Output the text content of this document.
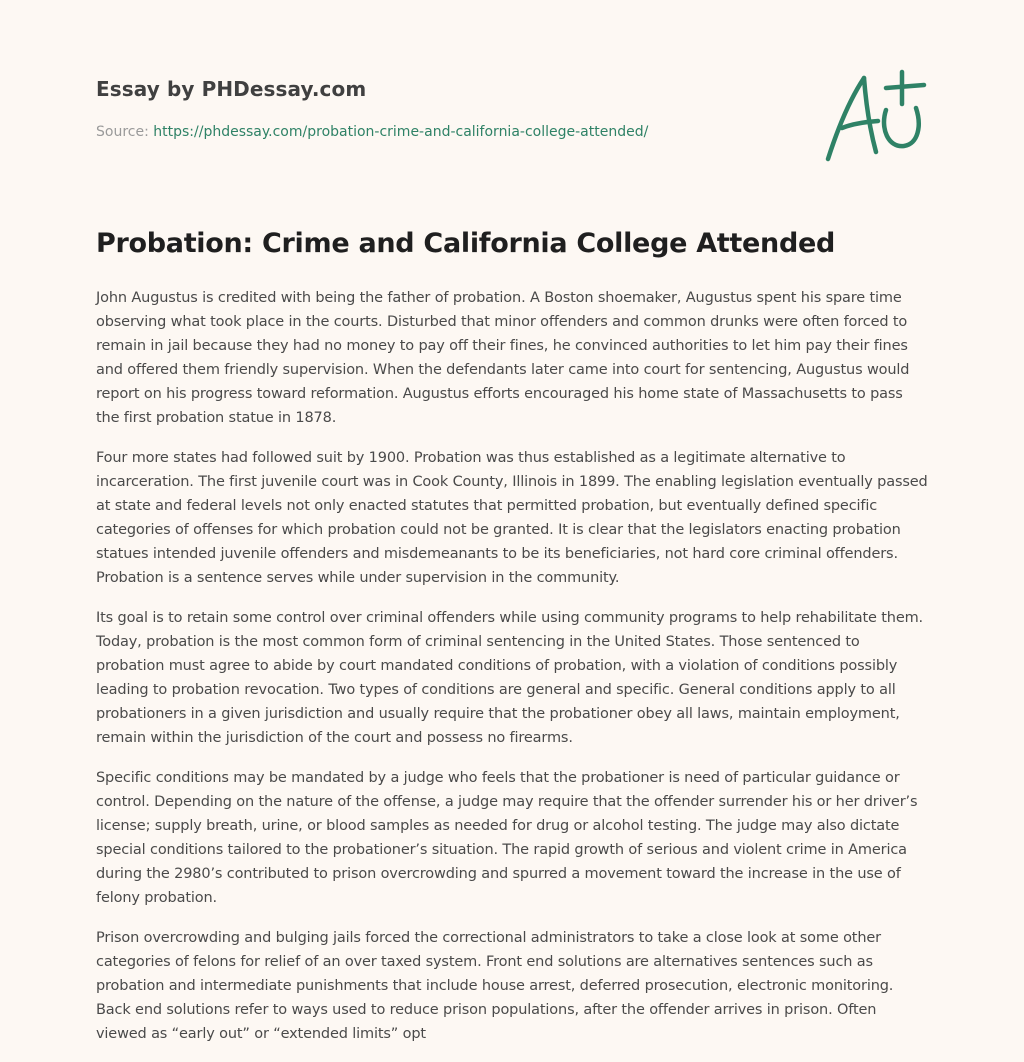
Essay by PHDessay.com
Source: https://phdessay.com/probation-crime-and-california-college-attended/
Probation: Crime and California College Attended

John Augustus is credited with being the father of probation. A Boston shoemaker, Augustus spent his spare time observing what took place in the courts. Disturbed that minor offenders and common drunks were often forced to remain in jail because they had no money to pay off their fines, he convinced authorities to let him pay their fines and offered them friendly supervision. When the defendants later came into court for sentencing, Augustus would report on his progress toward reformation. Augustus efforts encouraged his home state of Massachusetts to pass the first probation statue in 1878.

Four more states had followed suit by 1900. Probation was thus established as a legitimate alternative to incarceration. The first juvenile court was in Cook County, Illinois in 1899. The enabling legislation eventually passed at state and federal levels not only enacted statutes that permitted probation, but eventually defined specific categories of offenses for which probation could not be granted. It is clear that the legislators enacting probation statues intended juvenile offenders and misdemeanants to be its beneficiaries, not hard core criminal offenders. Probation is a sentence serves while under supervision in the community.

Its goal is to retain some control over criminal offenders while using community programs to help rehabilitate them. Today, probation is the most common form of criminal sentencing in the United States. Those sentenced to probation must agree to abide by court mandated conditions of probation, with a violation of conditions possibly leading to probation revocation. Two types of conditions are general and specific. General conditions apply to all probationers in a given jurisdiction and usually require that the probationer obey all laws, maintain employment, remain within the jurisdiction of the court and possess no firearms.

Specific conditions may be mandated by a judge who feels that the probationer is need of particular guidance or control. Depending on the nature of the offense, a judge may require that the offender surrender his or her driver’s license; supply breath, urine, or blood samples as needed for drug or alcohol testing. The judge may also dictate special conditions tailored to the probationer’s situation. The rapid growth of serious and violent crime in America during the 2980’s contributed to prison overcrowding and spurred a movement toward the increase in the use of felony probation.

Prison overcrowding and bulging jails forced the correctional administrators to take a close look at some other categories of felons for relief of an over taxed system. Front end solutions are alternatives sentences such as probation and intermediate punishments that include house arrest, deferred prosecution, electronic monitoring. Back end solutions refer to ways used to reduce prison populations, after the offender arrives in prison. Often viewed as “early out” or “extended limits” opt
